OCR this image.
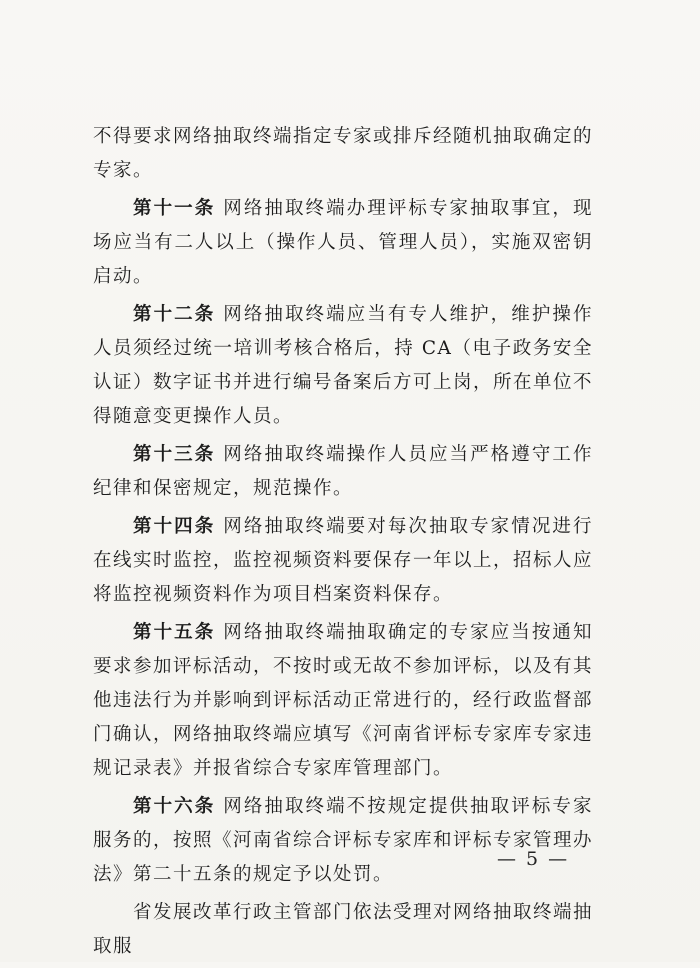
不得要求网络抽取终端指定专家或排斥经随机抽取确定的专家。

第十一条 网络抽取终端办理评标专家抽取事宜，现场应当有二人以上（操作人员、管理人员），实施双密钥启动。

第十二条 网络抽取终端应当有专人维护，维护操作人员须经过统一培训考核合格后，持 CA（电子政务安全认证）数字证书并进行编号备案后方可上岗，所在单位不得随意变更操作人员。

第十三条 网络抽取终端操作人员应当严格遵守工作纪律和保密规定，规范操作。

第十四条 网络抽取终端要对每次抽取专家情况进行在线实时监控，监控视频资料要保存一年以上，招标人应将监控视频资料作为项目档案资料保存。

第十五条 网络抽取终端抽取确定的专家应当按通知要求参加评标活动，不按时或无故不参加评标，以及有其他违法行为并影响到评标活动正常进行的，经行政监督部门确认，网络抽取终端应填写《河南省评标专家库专家违规记录表》并报省综合专家库管理部门。

第十六条 网络抽取终端不按规定提供抽取评标专家服务的，按照《河南省综合评标专家库和评标专家管理办法》第二十五条的规定予以处罚。

省发展改革行政主管部门依法受理对网络抽取终端抽取服

— 5 —
